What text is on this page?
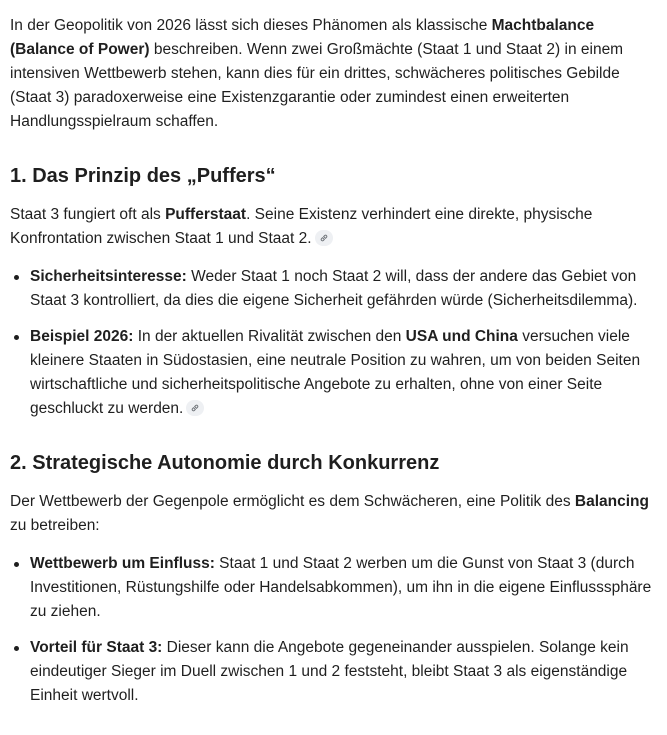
In der Geopolitik von 2026 lässt sich dieses Phänomen als klassische Machtbalance (Balance of Power) beschreiben. Wenn zwei Großmächte (Staat 1 und Staat 2) in einem intensiven Wettbewerb stehen, kann dies für ein drittes, schwächeres politisches Gebilde (Staat 3) paradoxerweise eine Existenzgarantie oder zumindest einen erweiterten Handlungsspielraum schaffen.

1. Das Prinzip des „Puffers“

Staat 3 fungiert oft als Pufferstaat. Seine Existenz verhindert eine direkte, physische Konfrontation zwischen Staat 1 und Staat 2.

Sicherheitsinteresse: Weder Staat 1 noch Staat 2 will, dass der andere das Gebiet von Staat 3 kontrolliert, da dies die eigene Sicherheit gefährden würde (Sicherheitsdilemma).
Beispiel 2026: In der aktuellen Rivalität zwischen den USA und China versuchen viele kleinere Staaten in Südostasien, eine neutrale Position zu wahren, um von beiden Seiten wirtschaftliche und sicherheitspolitische Angebote zu erhalten, ohne von einer Seite geschluckt zu werden.
2. Strategische Autonomie durch Konkurrenz

Der Wettbewerb der Gegenpole ermöglicht es dem Schwächeren, eine Politik des Balancing zu betreiben:

Wettbewerb um Einfluss: Staat 1 und Staat 2 werben um die Gunst von Staat 3 (durch Investitionen, Rüstungshilfe oder Handelsabkommen), um ihn in die eigene Einflusssphäre zu ziehen.
Vorteil für Staat 3: Dieser kann die Angebote gegeneinander ausspielen. Solange kein eindeutiger Sieger im Duell zwischen 1 und 2 feststeht, bleibt Staat 3 als eigenständige Einheit wertvoll.
